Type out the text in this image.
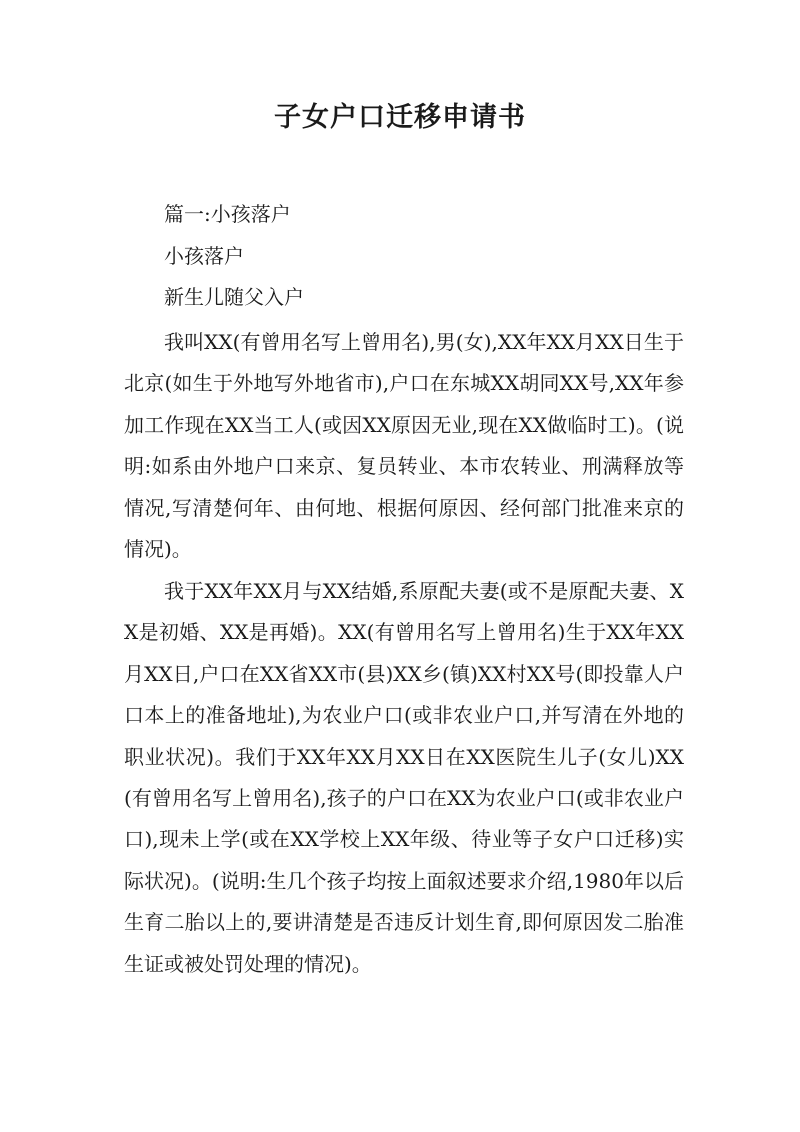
子女户口迁移申请书

篇一:小孩落户

小孩落户

新生儿随父入户

我叫XX(有曾用名写上曾用名),男(女),XX年XX月XX日生于北京(如生于外地写外地省市),户口在东城XX胡同XX号,XX年参加工作现在XX当工人(或因XX原因无业,现在XX做临时工)。(说明:如系由外地户口来京、复员转业、本市农转业、刑满释放等情况,写清楚何年、由何地、根据何原因、经何部门批准来京的情况)。

我于XX年XX月与XX结婚,系原配夫妻(或不是原配夫妻、XX是初婚、XX是再婚)。XX(有曾用名写上曾用名)生于XX年XX月XX日,户口在XX省XX市(县)XX乡(镇)XX村XX号(即投靠人户口本上的准备地址),为农业户口(或非农业户口,并写清在外地的职业状况)。我们于XX年XX月XX日在XX医院生儿子(女儿)XX(有曾用名写上曾用名),孩子的户口在XX为农业户口(或非农业户口),现未上学(或在XX学校上XX年级、待业等子女户口迁移)实际状况)。(说明:生几个孩子均按上面叙述要求介绍,1980年以后生育二胎以上的,要讲清楚是否违反计划生育,即何原因发二胎准生证或被处罚处理的情况)。
